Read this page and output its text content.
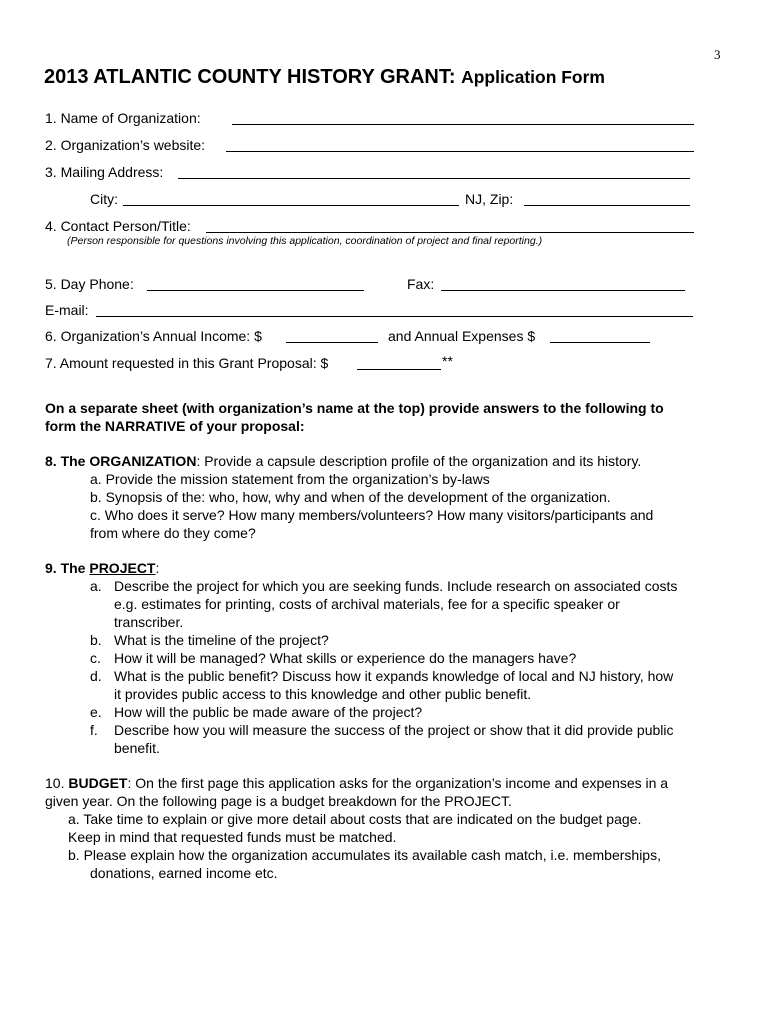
3
2013 ATLANTIC COUNTY HISTORY GRANT: Application Form
1. Name of Organization:
2. Organization’s website:
3. Mailing Address:
City:	NJ, Zip:
4. Contact Person/Title:
(Person responsible for questions involving this application, coordination of project and final reporting.)
5. Day Phone:	Fax:
E-mail:
6. Organization’s Annual Income: $	and Annual Expenses $
7. Amount requested in this Grant Proposal: $	**
On a separate sheet (with organization’s name at the top) provide answers to the following to
form the NARRATIVE of your proposal:
8. The ORGANIZATION: Provide a capsule description profile of the organization and its history.
a. Provide the mission statement from the organization’s by-laws
b. Synopsis of the: who, how, why and when of the development of the organization.
c. Who does it serve? How many members/volunteers? How many visitors/participants and
from where do they come?
9. The PROJECT:
a. Describe the project for which you are seeking funds. Include research on associated costs
e.g. estimates for printing, costs of archival materials, fee for a specific speaker or
transcriber.
b. What is the timeline of the project?
c. How it will be managed? What skills or experience do the managers have?
d. What is the public benefit? Discuss how it expands knowledge of local and NJ history, how
it provides public access to this knowledge and other public benefit.
e. How will the public be made aware of the project?
f. Describe how you will measure the success of the project or show that it did provide public
benefit.
10. BUDGET: On the first page this application asks for the organization’s income and expenses in a
given year. On the following page is a budget breakdown for the PROJECT.
a. Take time to explain or give more detail about costs that are indicated on the budget page.
Keep in mind that requested funds must be matched.
b. Please explain how the organization accumulates its available cash match, i.e. memberships,
donations, earned income etc.
